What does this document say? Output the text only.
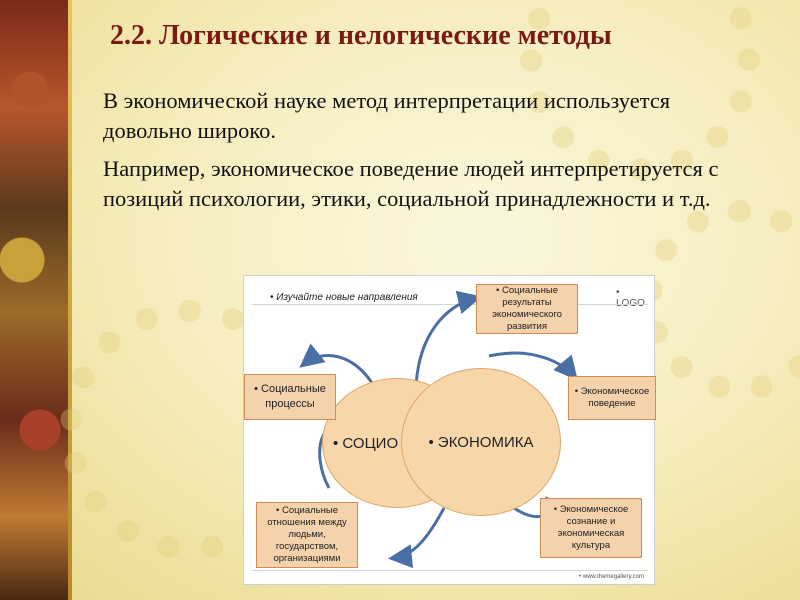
2.2. Логические и нелогические методы

В экономической науке метод интерпретации используется довольно широко.

Например, экономическое поведение людей интерпретируется с позиций психологии, этики, социальной принадлежности и т.д.

• Изучайте новые направления	•
• СОЦИО • ЭКОНОМИКА
• Социальные результаты экономического развития
• Социальные процессы
• Экономическое поведение
• Социальные отношения между людьми, государством, организациями
• Экономическое сознание и экономическая культура
• www.themegallery.com
